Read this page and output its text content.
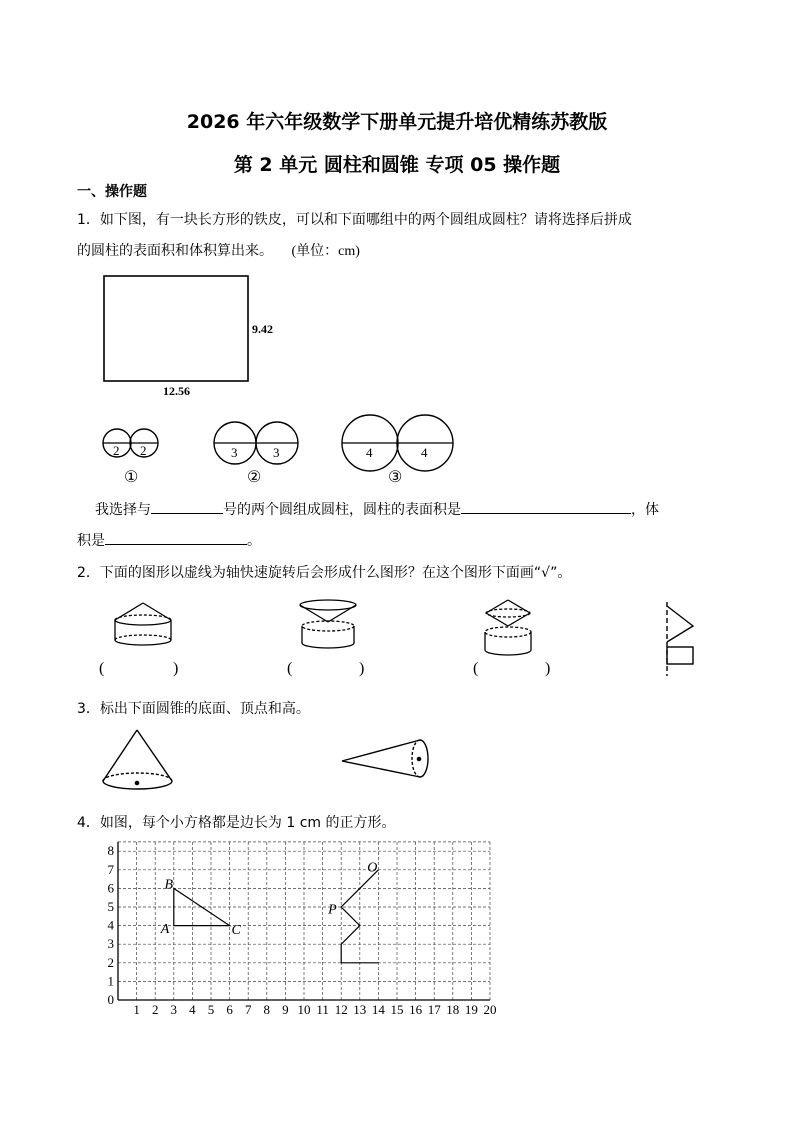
2026 年六年级数学下册单元提升培优精练苏教版
第 2 单元 圆柱和圆锥 专项 05 操作题
一、操作题
1．如下图，有一块长方形的铁皮，可以和下面哪组中的两个圆组成圆柱？请将选择后拼成
的圆柱的表面积和体积算出来。 (单位：cm)
9.42
12.56
2 2
①
3	3
②
4	4
③
我选择与	号的两个圆组成圆柱，圆柱的表面积是	，体
积是	。
2．下面的图形以虚线为轴快速旋转后会形成什么图形？在这个图形下面画“√”。
(	)	(	)	(	)
3．标出下面圆锥的底面、顶点和高。
4．如图，每个小方格都是边长为 1 cm 的正方形。
1 2 3 4 5 6 7 8 9 10 11 12 13 14 15 16 17 18 19 20
0
1
2
3
4
5
6
7
8
A
B
C
O
P
